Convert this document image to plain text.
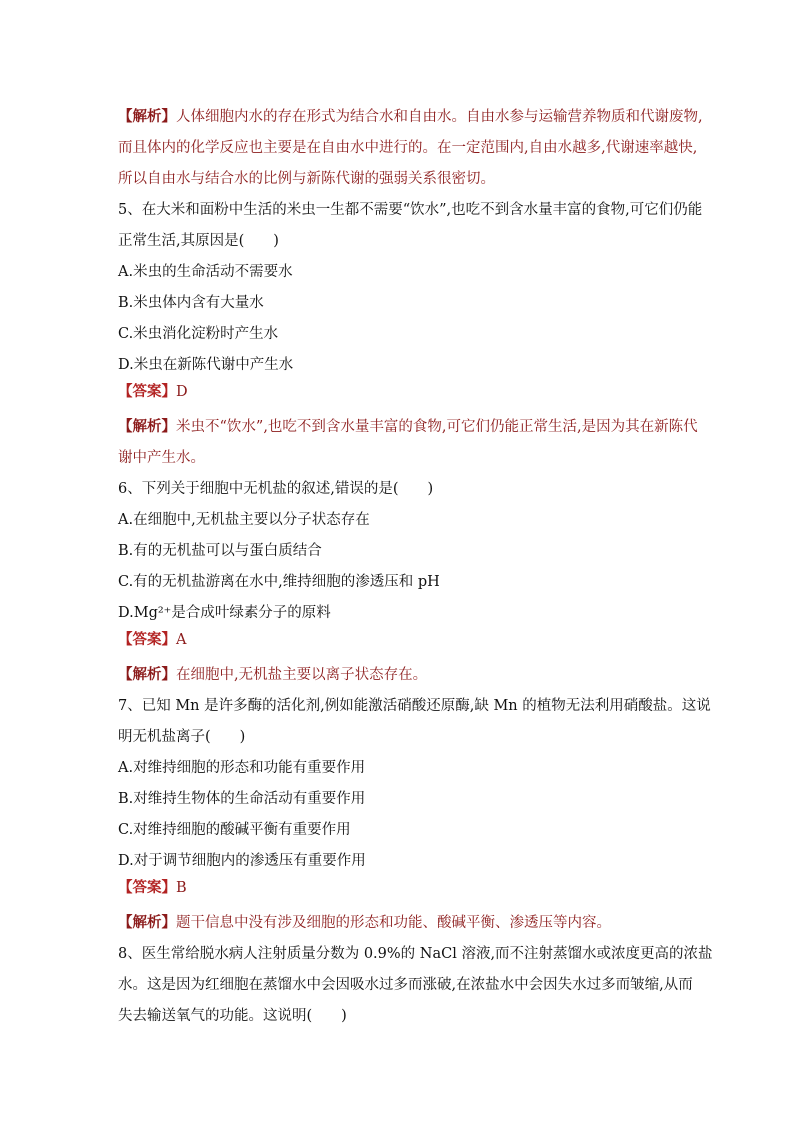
【解析】人体细胞内水的存在形式为结合水和自由水。自由水参与运输营养物质和代谢废物,
而且体内的化学反应也主要是在自由水中进行的。在一定范围内,自由水越多,代谢速率越快,
所以自由水与结合水的比例与新陈代谢的强弱关系很密切。
5、在大米和面粉中生活的米虫一生都不需要“饮水”,也吃不到含水量丰富的食物,可它们仍能
正常生活,其原因是(　　)
A.米虫的生命活动不需要水
B.米虫体内含有大量水
C.米虫消化淀粉时产生水
D.米虫在新陈代谢中产生水
【答案】D
【解析】米虫不“饮水”,也吃不到含水量丰富的食物,可它们仍能正常生活,是因为其在新陈代
谢中产生水。
6、下列关于细胞中无机盐的叙述,错误的是(　　)
A.在细胞中,无机盐主要以分子状态存在
B.有的无机盐可以与蛋白质结合
C.有的无机盐游离在水中,维持细胞的渗透压和 pH
D.Mg²⁺是合成叶绿素分子的原料
【答案】A
【解析】在细胞中,无机盐主要以离子状态存在。
7、已知 Mn 是许多酶的活化剂,例如能激活硝酸还原酶,缺 Mn 的植物无法利用硝酸盐。这说
明无机盐离子(　　)
A.对维持细胞的形态和功能有重要作用
B.对维持生物体的生命活动有重要作用
C.对维持细胞的酸碱平衡有重要作用
D.对于调节细胞内的渗透压有重要作用
【答案】B
【解析】题干信息中没有涉及细胞的形态和功能、酸碱平衡、渗透压等内容。
8、医生常给脱水病人注射质量分数为 0.9%的 NaCl 溶液,而不注射蒸馏水或浓度更高的浓盐
水。这是因为红细胞在蒸馏水中会因吸水过多而涨破,在浓盐水中会因失水过多而皱缩,从而
失去输送氧气的功能。这说明(　　)
